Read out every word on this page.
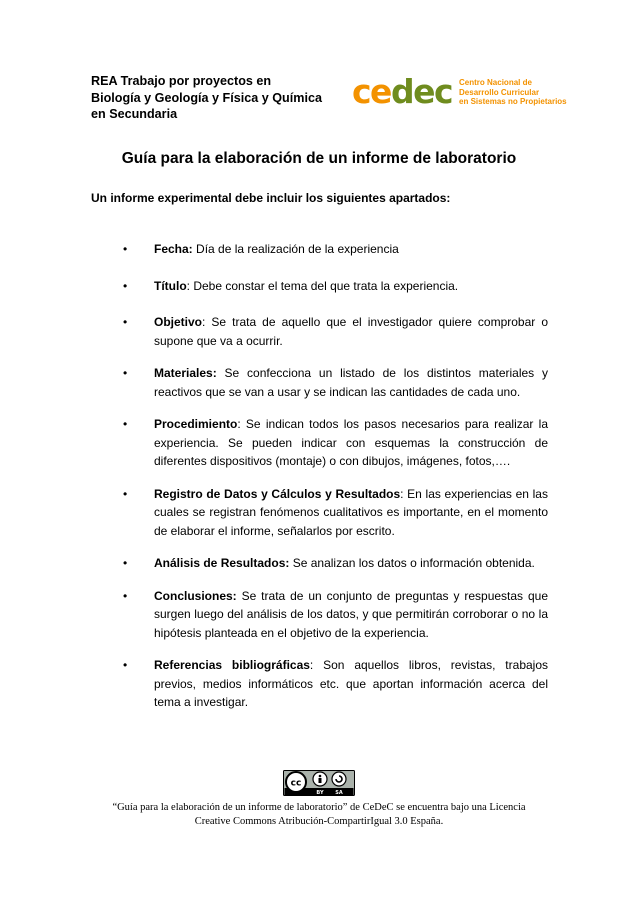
REA Trabajo por proyectos en
Biología y Geología y Física y Química
en Secundaria
cedec Centro Nacional de
Desarrollo Curricular
en Sistemas no Propietarios
Guía para la elaboración de un informe de laboratorio
Un informe experimental debe incluir los siguientes apartados:
• Fecha: Día de la realización de la experiencia
• Título: Debe constar el tema del que trata la experiencia.
• Objetivo: Se trata de aquello que el investigador quiere comprobar o supone que va a ocurrir.
• Materiales: Se confecciona un listado de los distintos materiales y reactivos que se van a usar y se indican las cantidades de cada uno.
• Procedimiento: Se indican todos los pasos necesarios para realizar la experiencia. Se pueden indicar con esquemas la construcción de diferentes dispositivos (montaje) o con dibujos, imágenes, fotos,….
• Registro de Datos y Cálculos y Resultados: En las experiencias en las cuales se registran fenómenos cualitativos es importante, en el momento de elaborar el informe, señalarlos por escrito.
• Análisis de Resultados: Se analizan los datos o información obtenida.
• Conclusiones: Se trata de un conjunto de preguntas y respuestas que surgen luego del análisis de los datos, y que permitirán corroborar o no la hipótesis planteada en el objetivo de la experiencia.
• Referencias bibliográficas: Son aquellos libros, revistas, trabajos previos, medios informáticos etc. que aportan información acerca del tema a investigar.
cc
BY SA
“Guía para la elaboración de un informe de laboratorio” de CeDeC se encuentra bajo una Licencia
Creative Commons Atribución-CompartirIgual 3.0 España.
